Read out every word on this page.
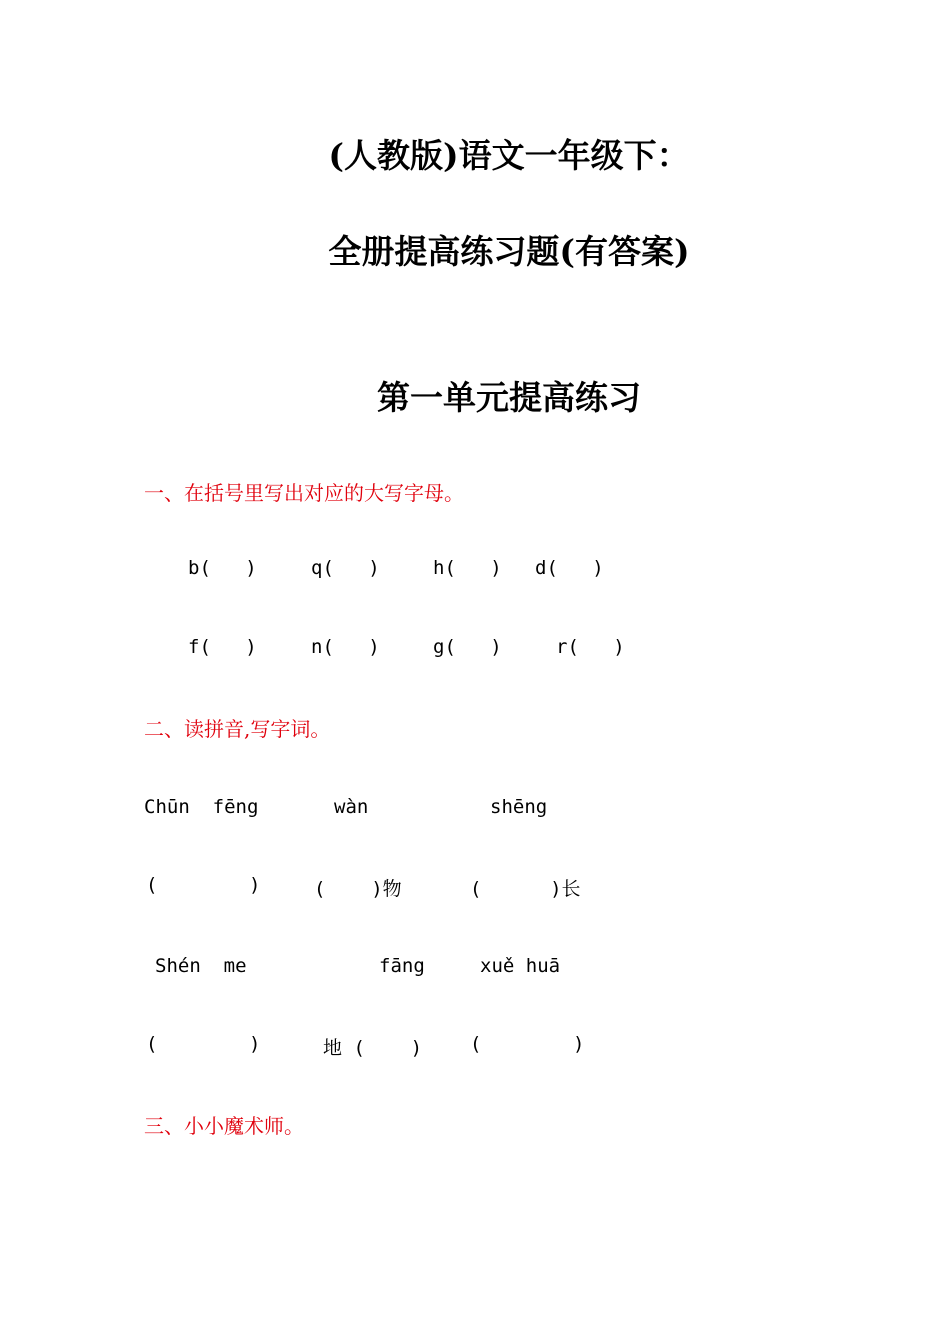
(人教版)语文一年级下：
全册提高练习题(有答案)
第一单元提高练习
一、在括号里写出对应的大写字母。
b(   )	q(   )	h(   ) d(   )
f(   )	n(   )	g(   )	r(   )
二、读拼音,写字词。
Chūn  fēng	wàn	shēng
(        )	(    )物	(      )长
Shén  me	fāng	xuě huā
(        )	地 (    )	(        )
三、小小魔术师。
